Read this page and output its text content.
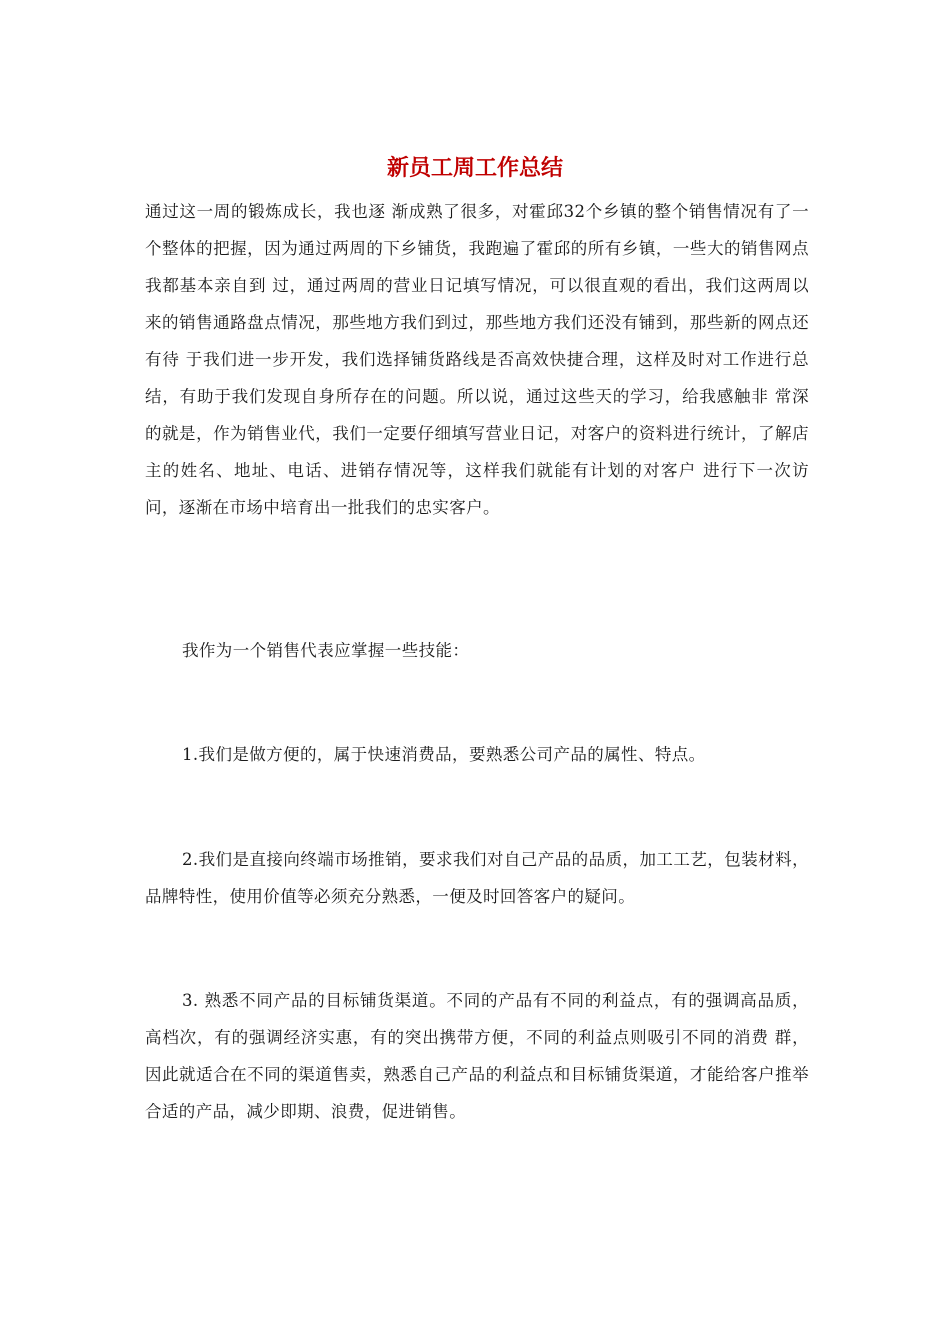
新员工周工作总结

通过这一周的锻炼成长，我也逐 渐成熟了很多，对霍邱32个乡镇的整个销售情况有了一个整体的把握，因为通过两周的下乡铺货，我跑遍了霍邱的所有乡镇，一些大的销售网点我都基本亲自到 过，通过两周的营业日记填写情况，可以很直观的看出，我们这两周以来的销售通路盘点情况，那些地方我们到过，那些地方我们还没有铺到，那些新的网点还有待 于我们进一步开发，我们选择铺货路线是否高效快捷合理，这样及时对工作进行总结，有助于我们发现自身所存在的问题。所以说，通过这些天的学习，给我感触非 常深的就是，作为销售业代，我们一定要仔细填写营业日记，对客户的资料进行统计，了解店主的姓名、地址、电话、进销存情况等，这样我们就能有计划的对客户 进行下一次访问，逐渐在市场中培育出一批我们的忠实客户。

我作为一个销售代表应掌握一些技能：

1.我们是做方便的，属于快速消费品，要熟悉公司产品的属性、特点。

2.我们是直接向终端市场推销，要求我们对自己产品的品质，加工工艺，包装材料，品牌特性，使用价值等必须充分熟悉，一便及时回答客户的疑问。

3. 熟悉不同产品的目标铺货渠道。不同的产品有不同的利益点，有的强调高品质，高档次，有的强调经济实惠，有的突出携带方便，不同的利益点则吸引不同的消费 群，因此就适合在不同的渠道售卖，熟悉自己产品的利益点和目标铺货渠道，才能给客户推举合适的产品，减少即期、浪费，促进销售。
